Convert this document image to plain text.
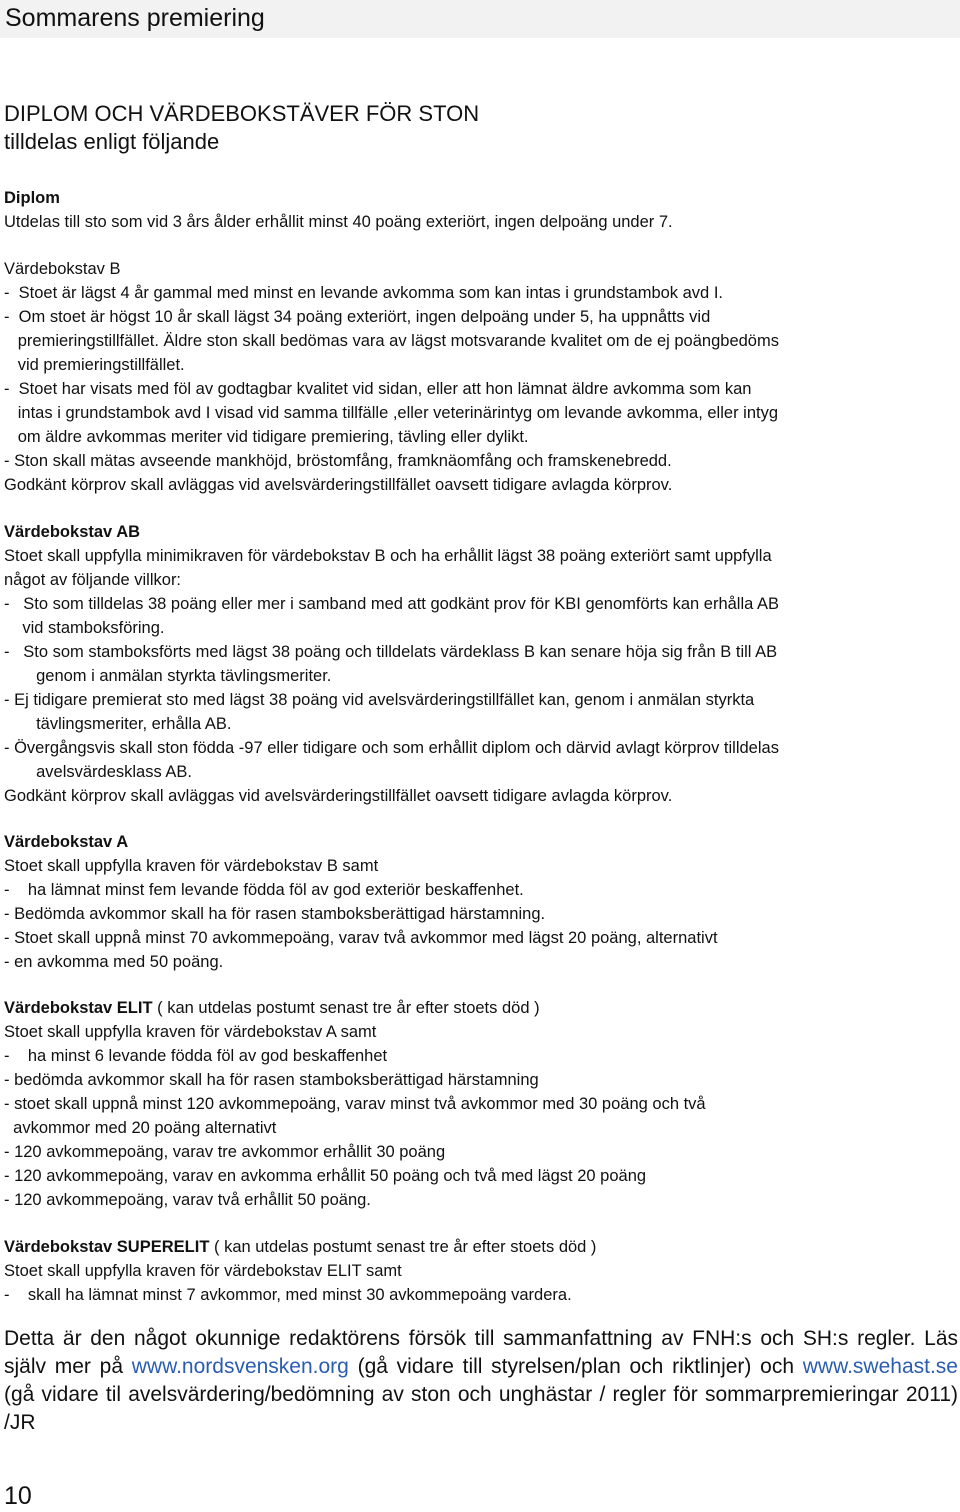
Sommarens premiering
DIPLOM OCH VÄRDEBOKSTÄVER FÖR STON
tilldelas enligt följande
Diplom
Utdelas till sto som vid 3 års ålder erhållit minst 40 poäng exteriört, ingen delpoäng under 7.
Värdebokstav B
-  Stoet är lägst 4 år gammal med minst en levande avkomma som kan intas i grundstambok avd I.
-  Om stoet är högst 10 år skall lägst 34 poäng exteriört, ingen delpoäng under 5, ha uppnåtts vid
premieringstillfället. Äldre ston skall bedömas vara av lägst motsvarande kvalitet om de ej poängbedöms
vid premieringstillfället.
-  Stoet har visats med föl av godtagbar kvalitet vid sidan, eller att hon lämnat äldre avkomma som kan
intas i grundstambok avd I visad vid samma tillfälle ,eller veterinärintyg om levande avkomma, eller intyg
om äldre avkommas meriter vid tidigare premiering, tävling eller dylikt.
- Ston skall mätas avseende mankhöjd, bröstomfång, framknäomfång och framskenebredd.
Godkänt körprov skall avläggas vid avelsvärderingstillfället oavsett tidigare avlagda körprov.
Värdebokstav AB
Stoet skall uppfylla minimikraven för värdebokstav B och ha erhållit lägst 38 poäng exteriört samt uppfylla
något av följande villkor:
-   Sto som tilldelas 38 poäng eller mer i samband med att godkänt prov för KBI genomförts kan erhålla AB
vid stamboksföring.
-   Sto som stamboksförts med lägst 38 poäng och tilldelats värdeklass B kan senare höja sig från B till AB
genom i anmälan styrkta tävlingsmeriter.
- Ej tidigare premierat sto med lägst 38 poäng vid avelsvärderingstillfället kan, genom i anmälan styrkta
tävlingsmeriter, erhålla AB.
- Övergångsvis skall ston födda -97 eller tidigare och som erhållit diplom och därvid avlagt körprov tilldelas
avelsvärdesklass AB.
Godkänt körprov skall avläggas vid avelsvärderingstillfället oavsett tidigare avlagda körprov.
Värdebokstav A
Stoet skall uppfylla kraven för värdebokstav B samt
-    ha lämnat minst fem levande födda föl av god exteriör beskaffenhet.
- Bedömda avkommor skall ha för rasen stamboksberättigad härstamning.
- Stoet skall uppnå minst 70 avkommepoäng, varav två avkommor med lägst 20 poäng, alternativt
- en avkomma med 50 poäng.
Värdebokstav ELIT ( kan utdelas postumt senast tre år efter stoets död )
Stoet skall uppfylla kraven för värdebokstav A samt
-    ha minst 6 levande födda föl av god beskaffenhet
- bedömda avkommor skall ha för rasen stamboksberättigad härstamning
- stoet skall uppnå minst 120 avkommepoäng, varav minst två avkommor med 30 poäng och två
avkommor med 20 poäng alternativt
- 120 avkommepoäng, varav tre avkommor erhållit 30 poäng
- 120 avkommepoäng, varav en avkomma erhållit 50 poäng och två med lägst 20 poäng
- 120 avkommepoäng, varav två erhållit 50 poäng.
Värdebokstav SUPERELIT ( kan utdelas postumt senast tre år efter stoets död )
Stoet skall uppfylla kraven för värdebokstav ELIT samt
-    skall ha lämnat minst 7 avkommor, med minst 30 avkommepoäng vardera.
Detta är den något okunnige redaktörens försök till sammanfattning av FNH:s och SH:s regler. Läs själv mer på www.nordsvensken.org (gå vidare till styrelsen/plan och riktlinjer) och www.swehast.se (gå vidare til avelsvärdering/bedömning av ston och unghästar / regler för sommarpremieringar 2011) /JR
10
